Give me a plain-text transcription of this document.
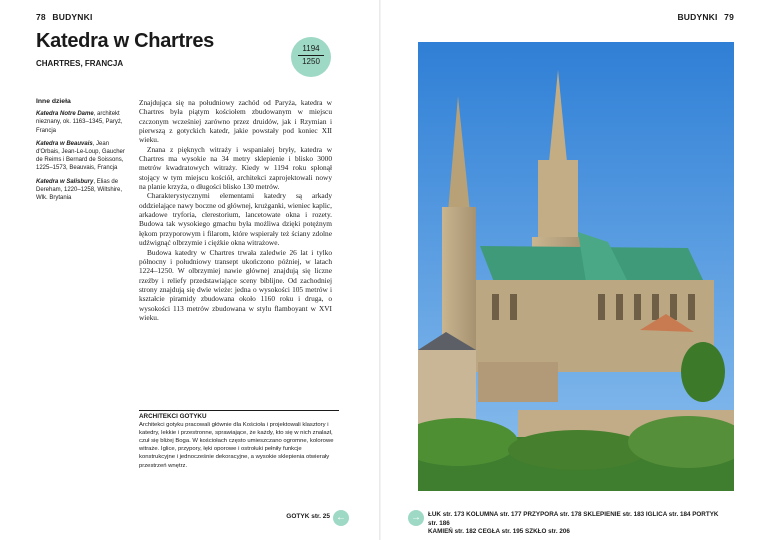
78 BUDYNKI	BUDYNKI 79
Katedra w Chartres
CHARTRES, FRANCJA
1194
1250
Inne dzieła
Katedra Notre Dame, architekt nieznany, ok. 1163–1345, Paryż, Francja
Katedra w Beauvais, Jean d'Orbais, Jean-Le-Loup, Gaucher de Reims i Bernard de Soissons, 1225–1573, Beauvais, Francja
Katedra w Salisbury, Elias de Dereham, 1220–1258, Wiltshire, Wlk. Brytania

Znajdująca się na południowy zachód od Paryża, katedra w Chartres była piątym kościołem zbudowanym w miejscu czczonym wcześniej zarówno przez druidów, jak i Rzymian i pierwszą z gotyckich katedr, jakie powstały pod koniec XII wieku.

Znana z pięknych witraży i wspaniałej bryły, katedra w Chartres ma wysokie na 34 metry sklepienie i blisko 3000 metrów kwadratowych witraży. Kiedy w 1194 roku spłonął stojący w tym miejscu kościół, architekci zaprojektowali nowy na planie krzyża, o długości blisko 130 metrów.

Charakterystycznymi elementami katedry są arkady oddzielające nawy boczne od głównej, krużganki, wieniec kaplic, arkadowe tryforia, clerestorium, lancetowate okna i rozety. Budowa tak wysokiego gmachu była możliwa dzięki potężnym łękom przyporowym i filarom, które wspierały też ściany zdolne udźwignąć olbrzymie i ciężkie okna witrażowe.

Budowa katedry w Chartres trwała zaledwie 26 lat i tylko północny i południowy transept ukończono później, w latach 1224–1250. W olbrzymiej nawie głównej znajdują się liczne rzeźby i reliefy przedstawiające sceny biblijne. Od zachodniej strony znajdują się dwie wieże: jedna o wysokości 105 metrów i kształcie piramidy zbudowana około 1160 roku i druga, o wysokości 113 metrów zbudowana w stylu flamboyant w XVI wieku.

ARCHITEKCI GOTYKU
Architekci gotyku pracowali głównie dla Kościoła i projektowali klasztory i katedry, lekkie i przestronne, sprawiające, że każdy, kto się w nich znalazł, czuł się bliżej Boga. W kościołach często umieszczano ogromne, kolorowe witraże. Iglice, przypory, łęki oporowe i ostrołuki pełniły funkcje konstrukcyjne i jednocześnie dekoracyjne, a wysokie sklepienia otwierały przestrzeń wnętrz.
GOTYK str. 25 ←	→	ŁUK str. 173 KOLUMNA str. 177 PRZYPORA str. 178 SKLEPIENIE str. 183 IGLICA str. 184 PORTYK str. 186
KAMIEŃ str. 182 CEGŁA str. 195 SZKŁO str. 206
